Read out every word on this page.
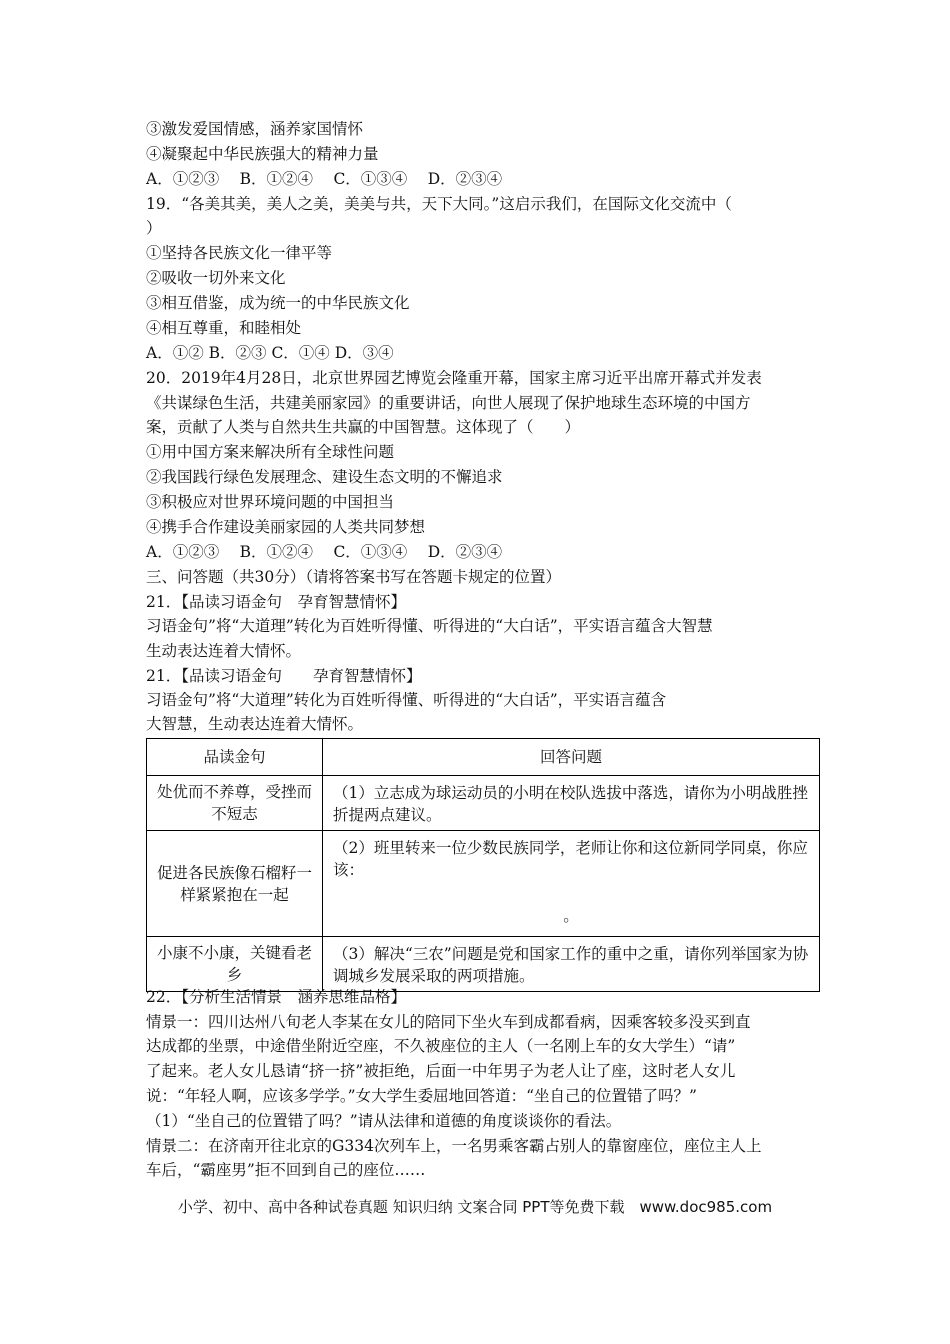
③激发爱国情感，涵养家国情怀
④凝聚起中华民族强大的精神力量
A．①②③　 B．①②④　 C．①③④　 D．②③④
19．“各美其美，美人之美，美美与共，天下大同。”这启示我们，在国际文化交流中（
）
①坚持各民族文化一律平等
②吸收一切外来文化
③相互借鉴，成为统一的中华民族文化
④相互尊重，和睦相处
A．①② B．②③ C．①④ D．③④
20．2019年4月28日，北京世界园艺博览会隆重开幕，国家主席习近平出席开幕式并发表
《共谋绿色生活，共建美丽家园》的重要讲话，向世人展现了保护地球生态环境的中国方
案，贡献了人类与自然共生共赢的中国智慧。这体现了（　　）
①用中国方案来解决所有全球性问题
②我国践行绿色发展理念、建设生态文明的不懈追求
③积极应对世界环境问题的中国担当
④携手合作建设美丽家园的人类共同梦想
A．①②③　 B．①②④　 C．①③④　 D．②③④
三、问答题（共30分）（请将答案书写在答题卡规定的位置）
21．【品读习语金句　孕育智慧情怀】
习语金句”将“大道理”转化为百姓听得懂、听得进的“大白话”，平实语言蕴含大智慧
生动表达连着大情怀。
21．【品读习语金句　　孕育智慧情怀】
习语金句”将“大道理”转化为百姓听得懂、听得进的“大白话”，平实语言蕴含
大智慧，生动表达连着大情怀。
品读金句	回答问题
处优而不养尊，受挫而不短志	（1）立志成为球运动员的小明在校队选拔中落选，请你为小明战胜挫折提两点建议。

促进各民族像石榴籽一样紧紧抱在一起	（2）班里转来一位少数民族同学，老师让你和这位新同学同桌，你应该：
。

小康不小康，关键看老乡	（3）解决“三农”问题是党和国家工作的重中之重，请你列举国家为协调城乡发展采取的两项措施。
22．【分析生活情景　涵养思维品格】
情景一：四川达州八旬老人李某在女儿的陪同下坐火车到成都看病，因乘客较多没买到直
达成都的坐票，中途借坐附近空座，不久被座位的主人（一名刚上车的女大学生）“请”
了起来。老人女儿恳请“挤一挤”被拒绝，后面一中年男子为老人让了座，这时老人女儿
说：“年轻人啊，应该多学学。”女大学生委屈地回答道：“坐自己的位置错了吗？”
（1）“坐自己的位置错了吗？”请从法律和道德的角度谈谈你的看法。
情景二：在济南开往北京的G334次列车上，一名男乘客霸占别人的靠窗座位，座位主人上
车后，“霸座男”拒不回到自己的座位……
小学、初中、高中各种试卷真题 知识归纳 文案合同 PPT等免费下载　www.doc985.com
